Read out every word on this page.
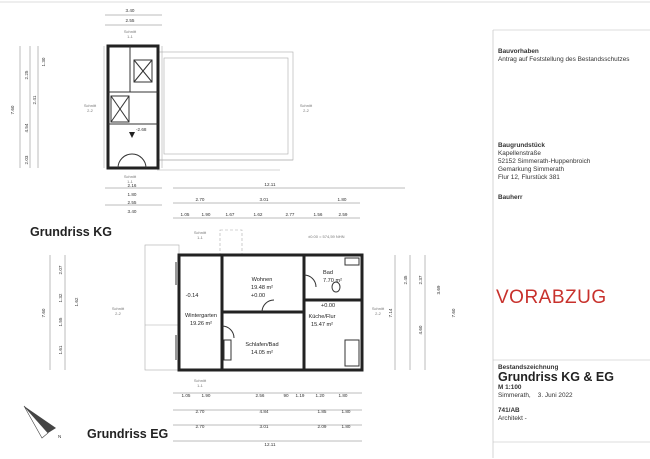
-2.68
3.40
2.55
2.16
1.80
2.55
3.40
7.60
2.25
1.30
2.41
4.54
2.03
12.11
2.70	3.01	1.80
1.05	1.90	1.67	1.62	2.77	1.56	2.59
Schnitt
1-1
Schnitt
2-2
Schnitt
2-2
Schnitt
1-1
Wohnen
19.48 m²
+0.00
Bad
7.70 m²
+0.00
Küche/Flur
15.47 m²
Wintergarten
19.26 m²
-0.14
Schlafen/Bad
14.05 m²
±0.00 = 574,59 NHN
1.05 1.90	2.56	90 1.19 1.20	1.80
2.70	4.84	1.85	1.80
2.70	3.01	2.09	1.80
12.11
7.60
2.07
1.32
1.55
1.62
1.61
7.14
2.45 2.37
3.69
4.60
7.60
Schnitt
1-1
Schnitt
2-2
Schnitt
2-2
Schnitt
1-1
N
Grundriss KG
Grundriss EG
Bauvorhaben
Antrag auf Feststellung des Bestandsschutzes
Baugrundstück
Kapellenstraße
52152 Simmerath-Huppenbroich
Gemarkung Simmerath
Flur 12, Flurstück 381
Bauherr
VORABZUG
Bestandszeichnung
Grundriss KG & EG
M 1:100
Simmerath, 3. Juni 2022
741/AB
Architekt -
